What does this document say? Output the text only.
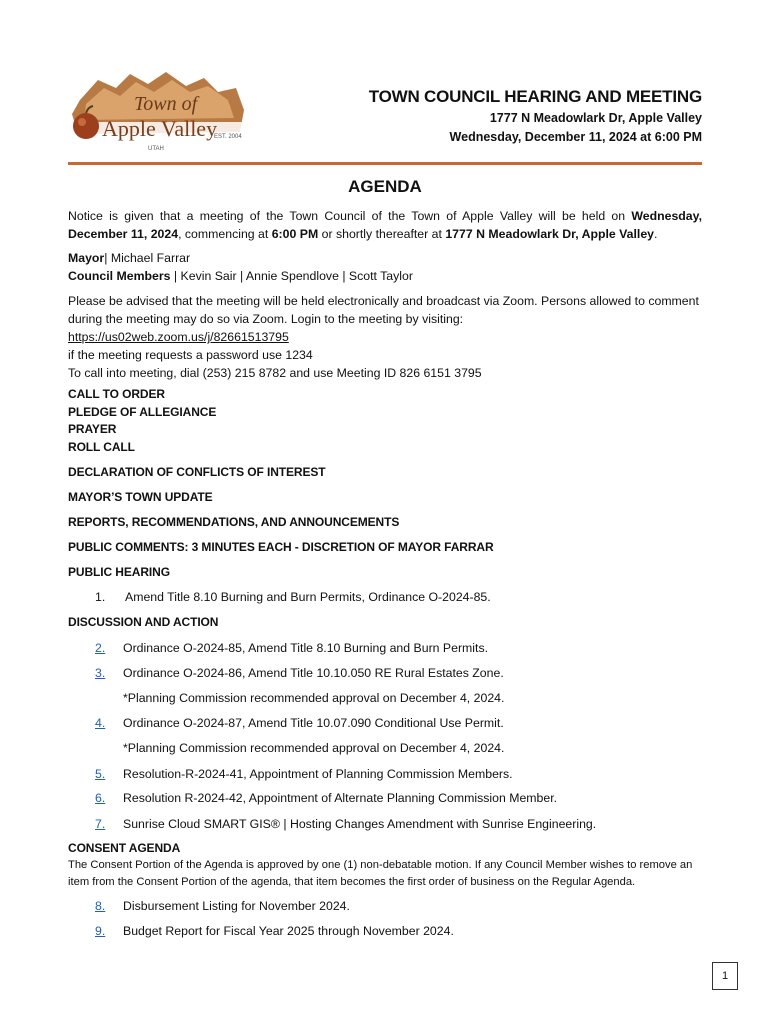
Town of
Apple Valley
EST. 2004
UTAH
TOWN COUNCIL HEARING AND MEETING
1777 N Meadowlark Dr, Apple Valley
Wednesday, December 11, 2024 at 6:00 PM
AGENDA
Notice is given that a meeting of the Town Council of the Town of Apple Valley will be held on Wednesday, December 11, 2024, commencing at 6:00 PM or shortly thereafter at 1777 N Meadowlark Dr, Apple Valley.
Mayor| Michael Farrar
Council Members | Kevin Sair | Annie Spendlove | Scott Taylor
Please be advised that the meeting will be held electronically and broadcast via Zoom. Persons allowed to comment during the meeting may do so via Zoom. Login to the meeting by visiting:
https://us02web.zoom.us/j/82661513795
if the meeting requests a password use 1234
To call into meeting, dial (253) 215 8782 and use Meeting ID 826 6151 3795
CALL TO ORDER
PLEDGE OF ALLEGIANCE
PRAYER
ROLL CALL
DECLARATION OF CONFLICTS OF INTEREST
MAYOR’S TOWN UPDATE
REPORTS, RECOMMENDATIONS, AND ANNOUNCEMENTS
PUBLIC COMMENTS: 3 MINUTES EACH - DISCRETION OF MAYOR FARRAR
PUBLIC HEARING
1.	Amend Title 8.10 Burning and Burn Permits, Ordinance O-2024-85.
DISCUSSION AND ACTION
2.	Ordinance O-2024-85, Amend Title 8.10 Burning and Burn Permits.
3.	Ordinance O-2024-86, Amend Title 10.10.050 RE Rural Estates Zone.
*Planning Commission recommended approval on December 4, 2024.
4.	Ordinance O-2024-87, Amend Title 10.07.090 Conditional Use Permit.
*Planning Commission recommended approval on December 4, 2024.
5.	Resolution-R-2024-41, Appointment of Planning Commission Members.
6.	Resolution R-2024-42, Appointment of Alternate Planning Commission Member.
7.	Sunrise Cloud SMART GIS® | Hosting Changes Amendment with Sunrise Engineering.
CONSENT AGENDA
The Consent Portion of the Agenda is approved by one (1) non-debatable motion. If any Council Member wishes to remove an item from the Consent Portion of the agenda, that item becomes the first order of business on the Regular Agenda.
8.	Disbursement Listing for November 2024.
9.	Budget Report for Fiscal Year 2025 through November 2024.
1
